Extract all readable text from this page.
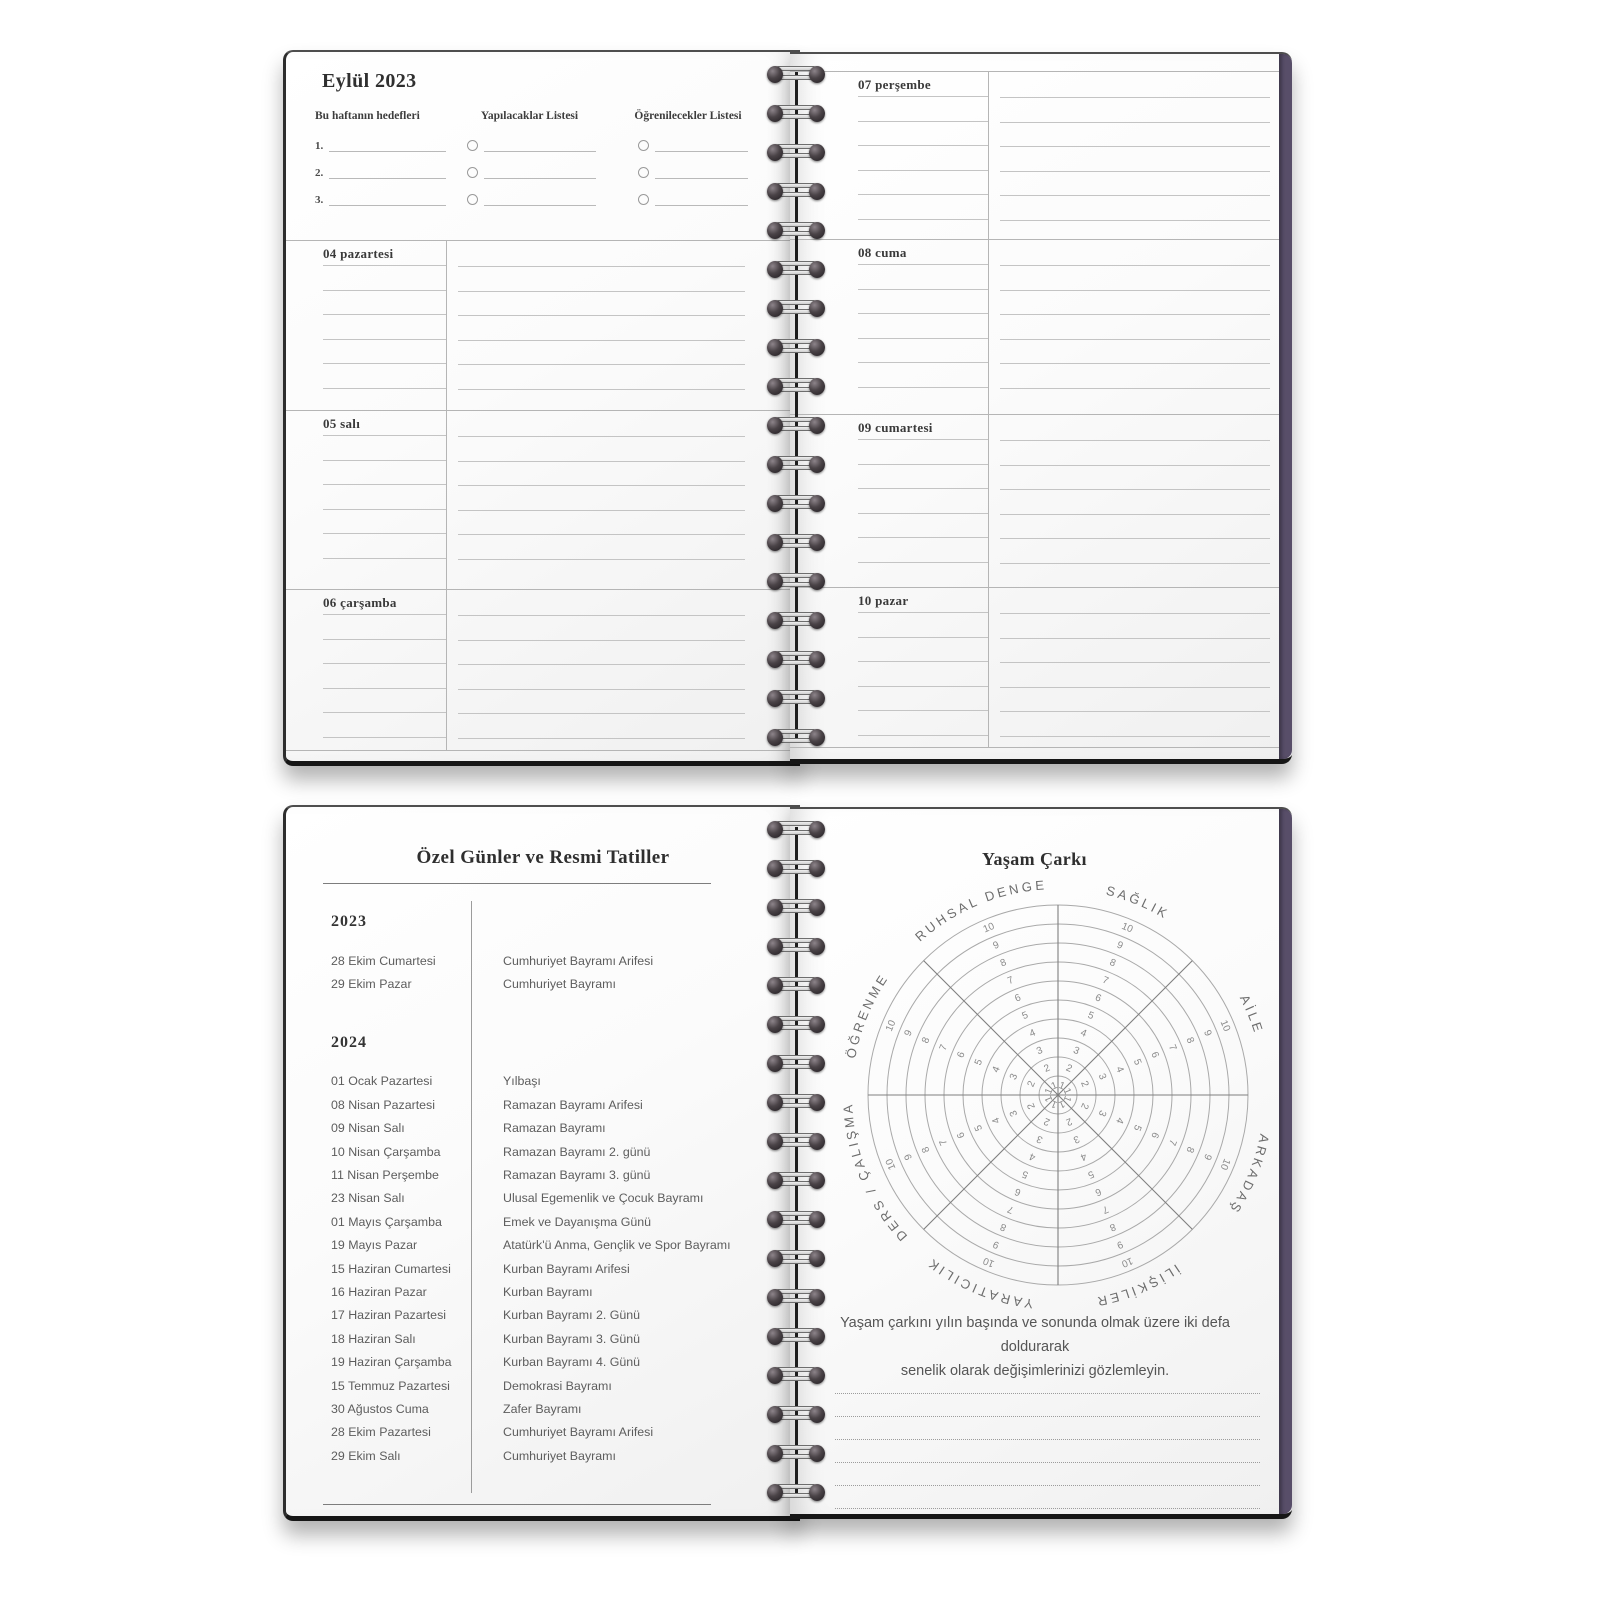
Eylül 2023
Bu haftanın hedefleri	Yapılacaklar Listesi	Öğrenilecekler Listesi
1.
2.
3.
04 pazartesi
05 salı
06 çarşamba
07 perşembe
08 cuma
09 cumartesi
10 pazar
Özel Günler ve Resmi Tatiller
2023
28 Ekim Cumartesi	Cumhuriyet Bayramı Arifesi
29 Ekim Pazar	Cumhuriyet Bayramı
2024
01 Ocak Pazartesi	Yılbaşı
08 Nisan Pazartesi	Ramazan Bayramı Arifesi
09 Nisan Salı	Ramazan Bayramı
10 Nisan Çarşamba	Ramazan Bayramı 2. günü
11 Nisan Perşembe	Ramazan Bayramı 3. günü
23 Nisan Salı	Ulusal Egemenlik ve Çocuk Bayramı
01 Mayıs Çarşamba	Emek ve Dayanışma Günü
19 Mayıs Pazar	Atatürk'ü Anma, Gençlik ve Spor Bayramı
15 Haziran Cumartesi	Kurban Bayramı Arifesi
16 Haziran Pazar	Kurban Bayramı
17 Haziran Pazartesi	Kurban Bayramı 2. Günü
18 Haziran Salı	Kurban Bayramı 3. Günü
19 Haziran Çarşamba	Kurban Bayramı 4. Günü
15 Temmuz Pazartesi	Demokrasi Bayramı
30 Ağustos Cuma	Zafer Bayramı
28 Ekim Pazartesi	Cumhuriyet Bayramı Arifesi
29 Ekim Salı	Cumhuriyet Bayramı
Yaşam Çarkı
1
2
3
4
5
6
7
8
9
10
SAĞLIK
1
2
3
4
5
6
7
8
9
10
AİLE
1
2
3
4
5
6
7
8
9
10
ARKADAŞ
1
2
3
4
5
6
7
8
9
10	İLİŞKİLER
1
2
3
4
5
6
7
8
9
10
YARATICILIK
1
2
3
4
5
6
7
8
9
10
DERS / ÇALIŞMA
1
2
3
4
5
6
7
8
9
10
ÖĞRENME
1
2
3
4
5
6
7
8
9
10
RUHSAL DENGE
Yaşam çarkını yılın başında ve sonunda olmak üzere iki defa doldurarak
senelik olarak değişimlerinizi gözlemleyin.
